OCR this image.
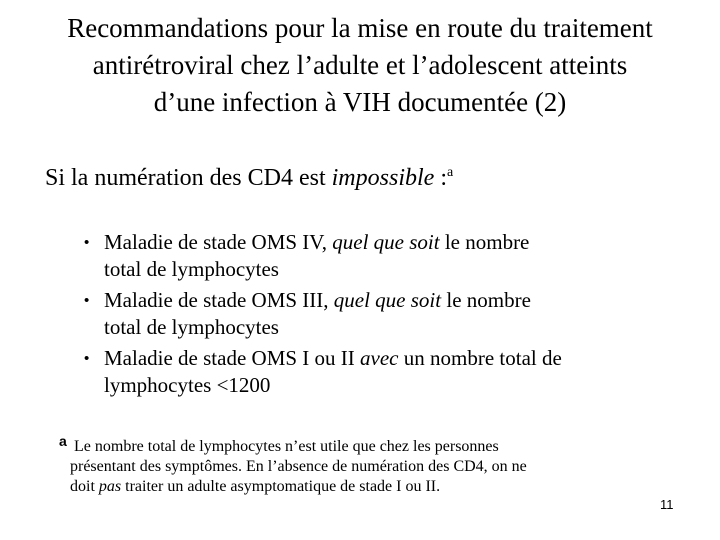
Recommandations pour la mise en route du traitement
antirétroviral chez l’adulte et l’adolescent atteints
d’une infection à VIH documentée (2)
Si la numération des CD4 est impossible :$^a$
• Maladie de stade OMS IV, quel que soit le nombre
total de lymphocytes
• Maladie de stade OMS III, quel que soit le nombre
total de lymphocytes
• Maladie de stade OMS I ou II avec un nombre total de
lymphocytes <1200
a Le nombre total de lymphocytes n’est utile que chez les personnes
présentant des symptômes. En l’absence de numération des CD4, on ne
doit pas traiter un adulte asymptomatique de stade I ou II.
11
